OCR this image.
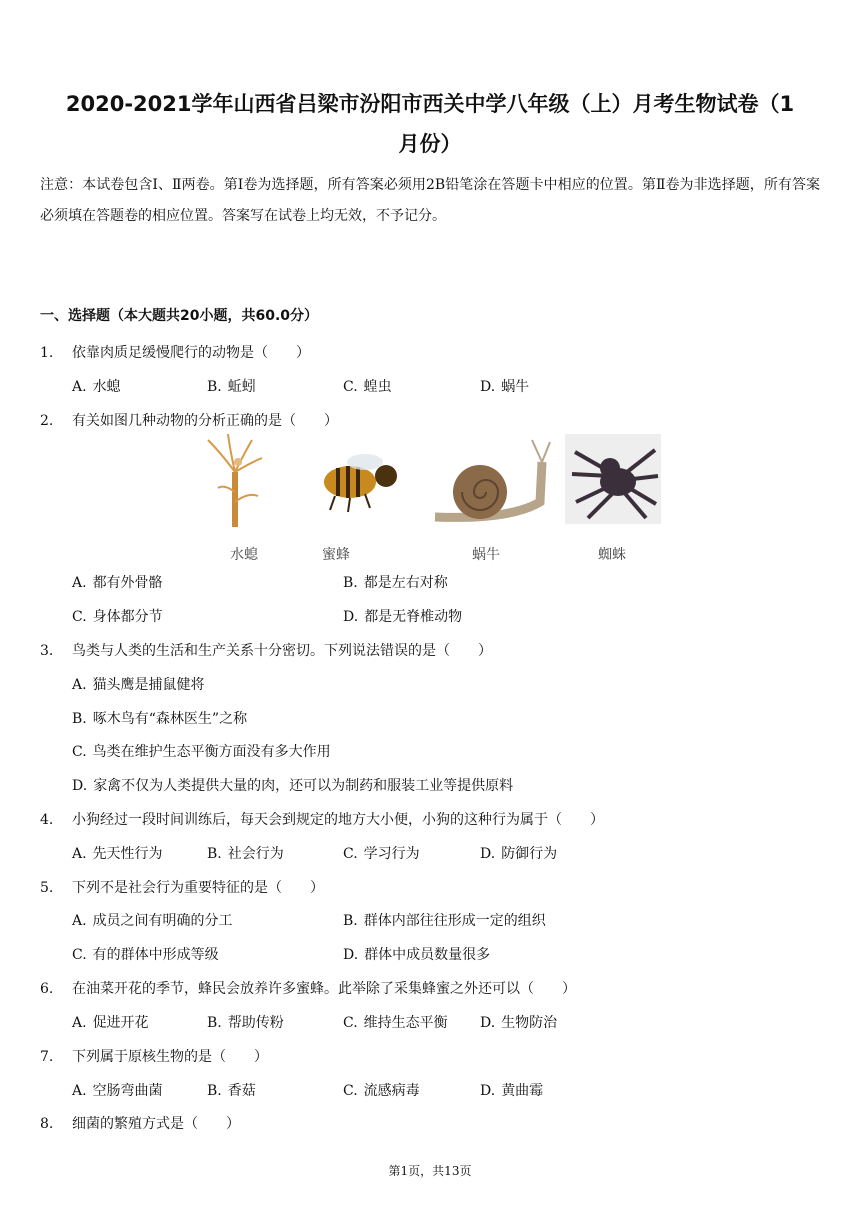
2020-2021学年山西省吕梁市汾阳市西关中学八年级（上）月考生物试卷（1
月份）
注意：本试卷包含Ⅰ、Ⅱ两卷。第Ⅰ卷为选择题，所有答案必须用2B铅笔涂在答题卡中相应的位置。第Ⅱ卷为非选择题，所有答案必须填在答题卷的相应位置。答案写在试卷上均无效，不予记分。
一、选择题（本大题共20小题，共60.0分）
1. 依靠肉质足缓慢爬行的动物是（　　）
A. 水螅	B. 蚯蚓	C. 蝗虫	D. 蜗牛
2. 有关如图几种动物的分析正确的是（　　）
水螅	蜜蜂	蜗牛	蜘蛛
A. 都有外骨骼	B. 都是左右对称
C. 身体都分节	D. 都是无脊椎动物
3. 鸟类与人类的生活和生产关系十分密切。下列说法错误的是（　　）
A. 猫头鹰是捕鼠健将
B. 啄木鸟有“森林医生”之称
C. 鸟类在维护生态平衡方面没有多大作用
D. 家禽不仅为人类提供大量的肉，还可以为制药和服装工业等提供原料
4. 小狗经过一段时间训练后，每天会到规定的地方大小便，小狗的这种行为属于（　　）
A. 先天性行为	B. 社会行为	C. 学习行为	D. 防御行为
5. 下列不是社会行为重要特征的是（　　）
A. 成员之间有明确的分工	B. 群体内部往往形成一定的组织
C. 有的群体中形成等级	D. 群体中成员数量很多
6. 在油菜开花的季节，蜂民会放养许多蜜蜂。此举除了采集蜂蜜之外还可以（　　）
A. 促进开花	B. 帮助传粉	C. 维持生态平衡 D. 生物防治
7. 下列属于原核生物的是（　　）
A. 空肠弯曲菌	B. 香菇	C. 流感病毒	D. 黄曲霉
8. 细菌的繁殖方式是（　　）
第1页，共13页
